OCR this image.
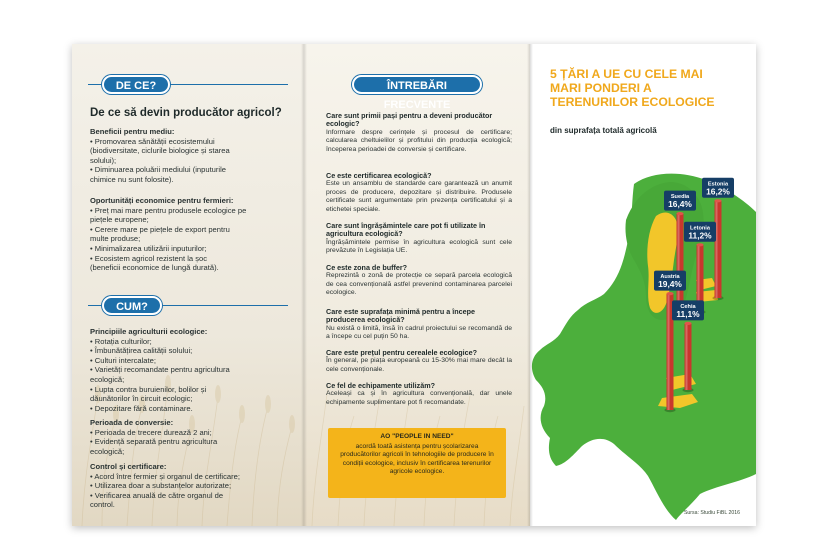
DE CE?
De ce să devin producător agricol?
Beneficii pentru mediu:
• Promovarea sănătății ecosistemului
(biodiversitate, ciclurile biologice și starea
solului);
• Diminuarea poluării mediului (inputurile
chimice nu sunt folosite).
Oportunități economice pentru fermieri:
• Preț mai mare pentru produsele ecologice pe
piețele europene;
• Cerere mare pe piețele de export pentru
multe produse;
• Minimalizarea utilizării inputurilor;
• Ecosistem agricol rezistent la șoc
(beneficii economice de lungă durată).
CUM?
Principiile agriculturii ecologice:
• Rotația culturilor;
• Îmbunătățirea calității solului;
• Culturi intercalate;
• Varietăți recomandate pentru agricultura
ecologică;
• Lupta contra buruienilor, bolilor și
dăunătorilor în circuit ecologic;
• Depozitare fără contaminare.
Perioada de conversie:
• Perioada de trecere durează 2 ani;
• Evidență separată pentru agricultura
ecologică;
Control și certificare:
• Acord între fermier și organul de certificare;
• Utilizarea doar a substanțelor autorizate;
• Verificarea anuală de către organul de
control.
ÎNTREBĂRI FRECVENTE
Care sunt primii pași pentru a deveni producător ecologic?
Informare despre cerințele și procesul de certificare; calcularea cheltuielilor și profitului din producția ecologică; începerea perioadei de conversie și certificare.
Ce este certificarea ecologică?
Este un ansamblu de standarde care garantează un anumit proces de producere, depozitare și distribuire. Produsele certificate sunt argumentate prin prezența certificatului și a etichetei speciale.
Care sunt îngrășămintele care pot fi utilizate în agricultura ecologică?
Îngrășămintele permise în agricultura ecologică sunt cele prevăzute în Legislația UE.
Ce este zona de buffer?
Reprezintă o zonă de protecție ce separă parcela ecologică de cea convențională astfel prevenind contaminarea parcelei ecologice.
Care este suprafața minimă pentru a începe producerea ecologică?
Nu există o limită, însă în cadrul proiectului se recomandă de a începe cu cel puțin 50 ha.
Care este prețul pentru cerealele ecologice?
În general, pe piața europeană cu 15-30% mai mare decât la cele convenționale.
Ce fel de echipamente utilizăm?
Aceleași ca și în agricultura convențională, dar unele echipamente suplimentare pot fi recomandate.
AO "PEOPLE IN NEED"
acordă toată asistența pentru școlarizarea producătorilor agricoli în tehnologiile de producere în condiții ecologice, inclusiv în certificarea terenurilor agricole ecologice.
Suedia
16,4%
Estonia
16,2%
Letonia
11,2%
Austria
19,4%
Cehia
11,1%
5 ȚĂRI A UE CU CELE MAI
MARI PONDERI A
TERENURILOR ECOLOGICE
din suprafața totală agricolă
Sursa: Studiu FiBL 2016
